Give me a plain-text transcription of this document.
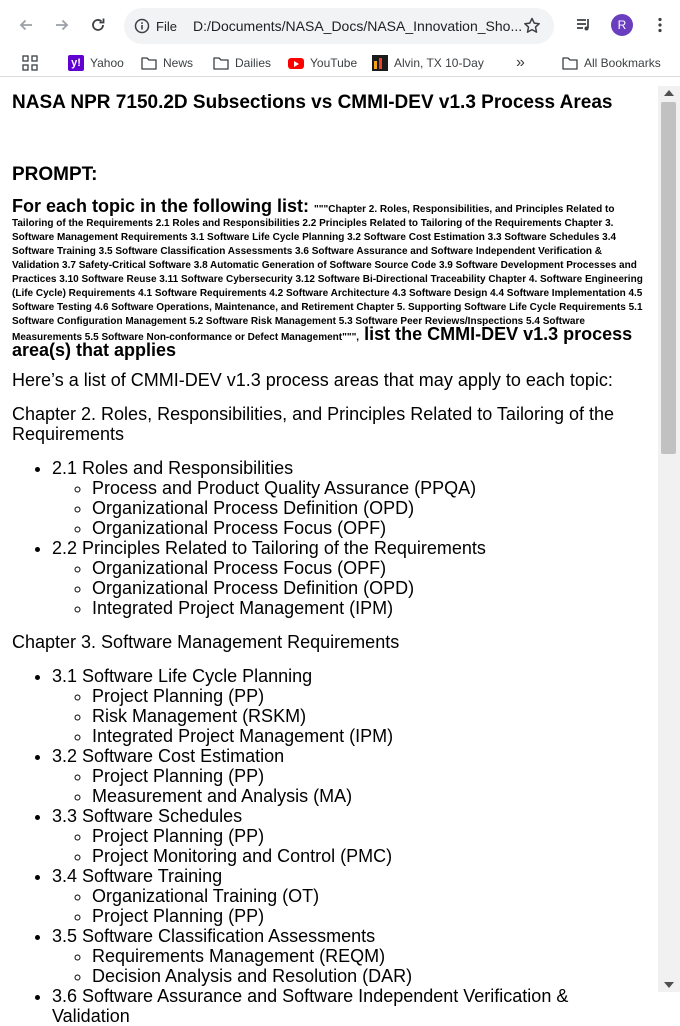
File D:/Documents/NASA_Docs/NASA_Innovation_Sho...	R
y! Yahoo	News	Dailies	YouTube	Alvin, TX 10-Day »	All Bookmarks
NASA NPR 7150.2D Subsections vs CMMI-DEV v1.3 Process Areas
PROMPT:

For each topic in the following list: """Chapter 2. Roles, Responsibilities, and Principles Related to Tailoring of the Requirements 2.1 Roles and Responsibilities 2.2 Principles Related to Tailoring of the Requirements Chapter 3. Software Management Requirements 3.1 Software Life Cycle Planning 3.2 Software Cost Estimation 3.3 Software Schedules 3.4 Software Training 3.5 Software Classification Assessments 3.6 Software Assurance and Software Independent Verification & Validation 3.7 Safety-Critical Software 3.8 Automatic Generation of Software Source Code 3.9 Software Development Processes and Practices 3.10 Software Reuse 3.11 Software Cybersecurity 3.12 Software Bi-Directional Traceability Chapter 4. Software Engineering (Life Cycle) Requirements 4.1 Software Requirements 4.2 Software Architecture 4.3 Software Design 4.4 Software Implementation 4.5 Software Testing 4.6 Software Operations, Maintenance, and Retirement Chapter 5. Supporting Software Life Cycle Requirements 5.1 Software Configuration Management 5.2 Software Risk Management 5.3 Software Peer Reviews/Inspections 5.4 Software Measurements 5.5 Software Non-conformance or Defect Management""", list the CMMI-DEV v1.3 process area(s) that applies

Here’s a list of CMMI-DEV v1.3 process areas that may apply to each topic:

Chapter 2. Roles, Responsibilities, and Principles Related to Tailoring of the Requirements

• 2.1 Roles and Responsibilities
◦ Process and Product Quality Assurance (PPQA)
◦ Organizational Process Definition (OPD)
◦ Organizational Process Focus (OPF)
• 2.2 Principles Related to Tailoring of the Requirements
◦ Organizational Process Focus (OPF)
◦ Organizational Process Definition (OPD)
◦ Integrated Project Management (IPM)

Chapter 3. Software Management Requirements

• 3.1 Software Life Cycle Planning
◦ Project Planning (PP)
◦ Risk Management (RSKM)
◦ Integrated Project Management (IPM)
• 3.2 Software Cost Estimation
◦ Project Planning (PP)
◦ Measurement and Analysis (MA)
• 3.3 Software Schedules
◦ Project Planning (PP)
◦ Project Monitoring and Control (PMC)
• 3.4 Software Training
◦ Organizational Training (OT)
◦ Project Planning (PP)
• 3.5 Software Classification Assessments
◦ Requirements Management (REQM)
◦ Decision Analysis and Resolution (DAR)
• 3.6 Software Assurance and Software Independent Verification & Validation
